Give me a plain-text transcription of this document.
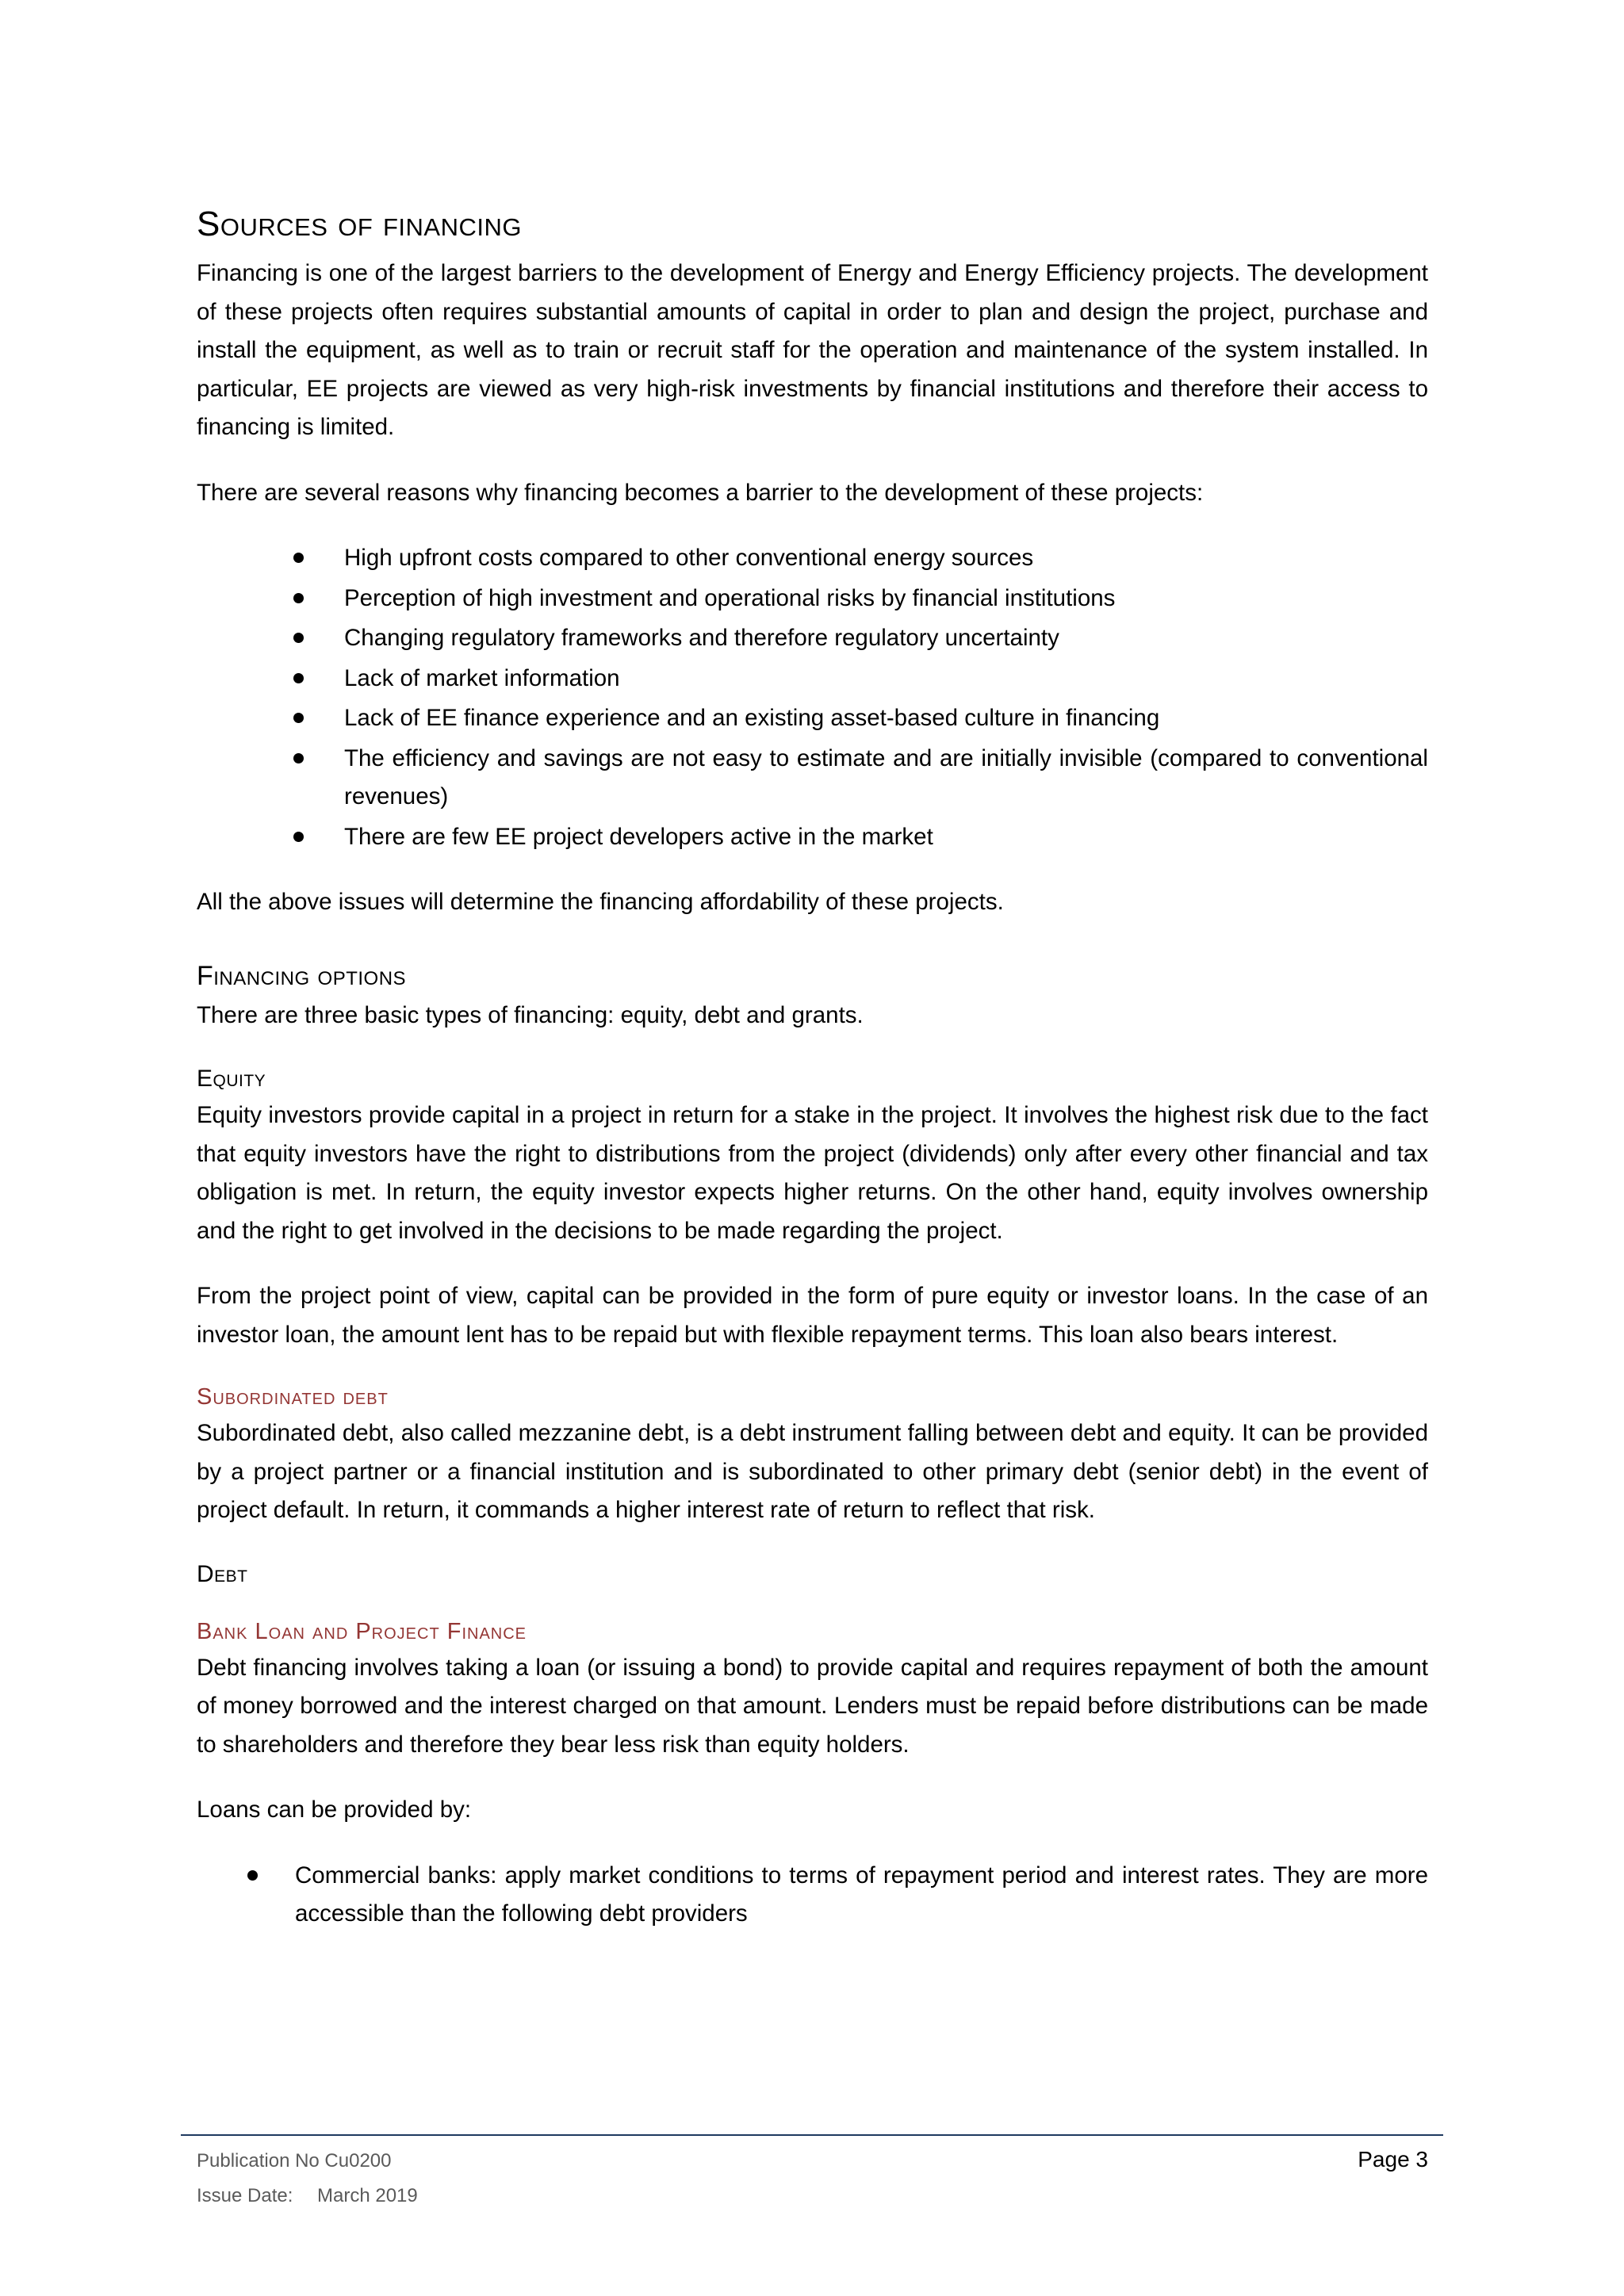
Sources of financing

Financing is one of the largest barriers to the development of Energy and Energy Efficiency projects. The development of these projects often requires substantial amounts of capital in order to plan and design the project, purchase and install the equipment, as well as to train or recruit staff for the operation and maintenance of the system installed. In particular, EE projects are viewed as very high-risk investments by financial institutions and therefore their access to financing is limited.

There are several reasons why financing becomes a barrier to the development of these projects:

High upfront costs compared to other conventional energy sources
Perception of high investment and operational risks by financial institutions
Changing regulatory frameworks and therefore regulatory uncertainty
Lack of market information
Lack of EE finance experience and an existing asset-based culture in financing
The efficiency and savings are not easy to estimate and are initially invisible (compared to conventional revenues)
There are few EE project developers active in the market

All the above issues will determine the financing affordability of these projects.

Financing options

There are three basic types of financing: equity, debt and grants.

Equity

Equity investors provide capital in a project in return for a stake in the project. It involves the highest risk due to the fact that equity investors have the right to distributions from the project (dividends) only after every other financial and tax obligation is met. In return, the equity investor expects higher returns. On the other hand, equity involves ownership and the right to get involved in the decisions to be made regarding the project.

From the project point of view, capital can be provided in the form of pure equity or investor loans. In the case of an investor loan, the amount lent has to be repaid but with flexible repayment terms. This loan also bears interest.

Subordinated debt

Subordinated debt, also called mezzanine debt, is a debt instrument falling between debt and equity. It can be provided by a project partner or a financial institution and is subordinated to other primary debt (senior debt) in the event of project default. In return, it commands a higher interest rate of return to reflect that risk.

Debt
Bank Loan and Project Finance

Debt financing involves taking a loan (or issuing a bond) to provide capital and requires repayment of both the amount of money borrowed and the interest charged on that amount. Lenders must be repaid before distributions can be made to shareholders and therefore they bear less risk than equity holders.

Loans can be provided by:

Commercial banks: apply market conditions to terms of repayment period and interest rates. They are more accessible than the following debt providers
Publication No Cu0200
Issue Date:	March 2019
Page 3
